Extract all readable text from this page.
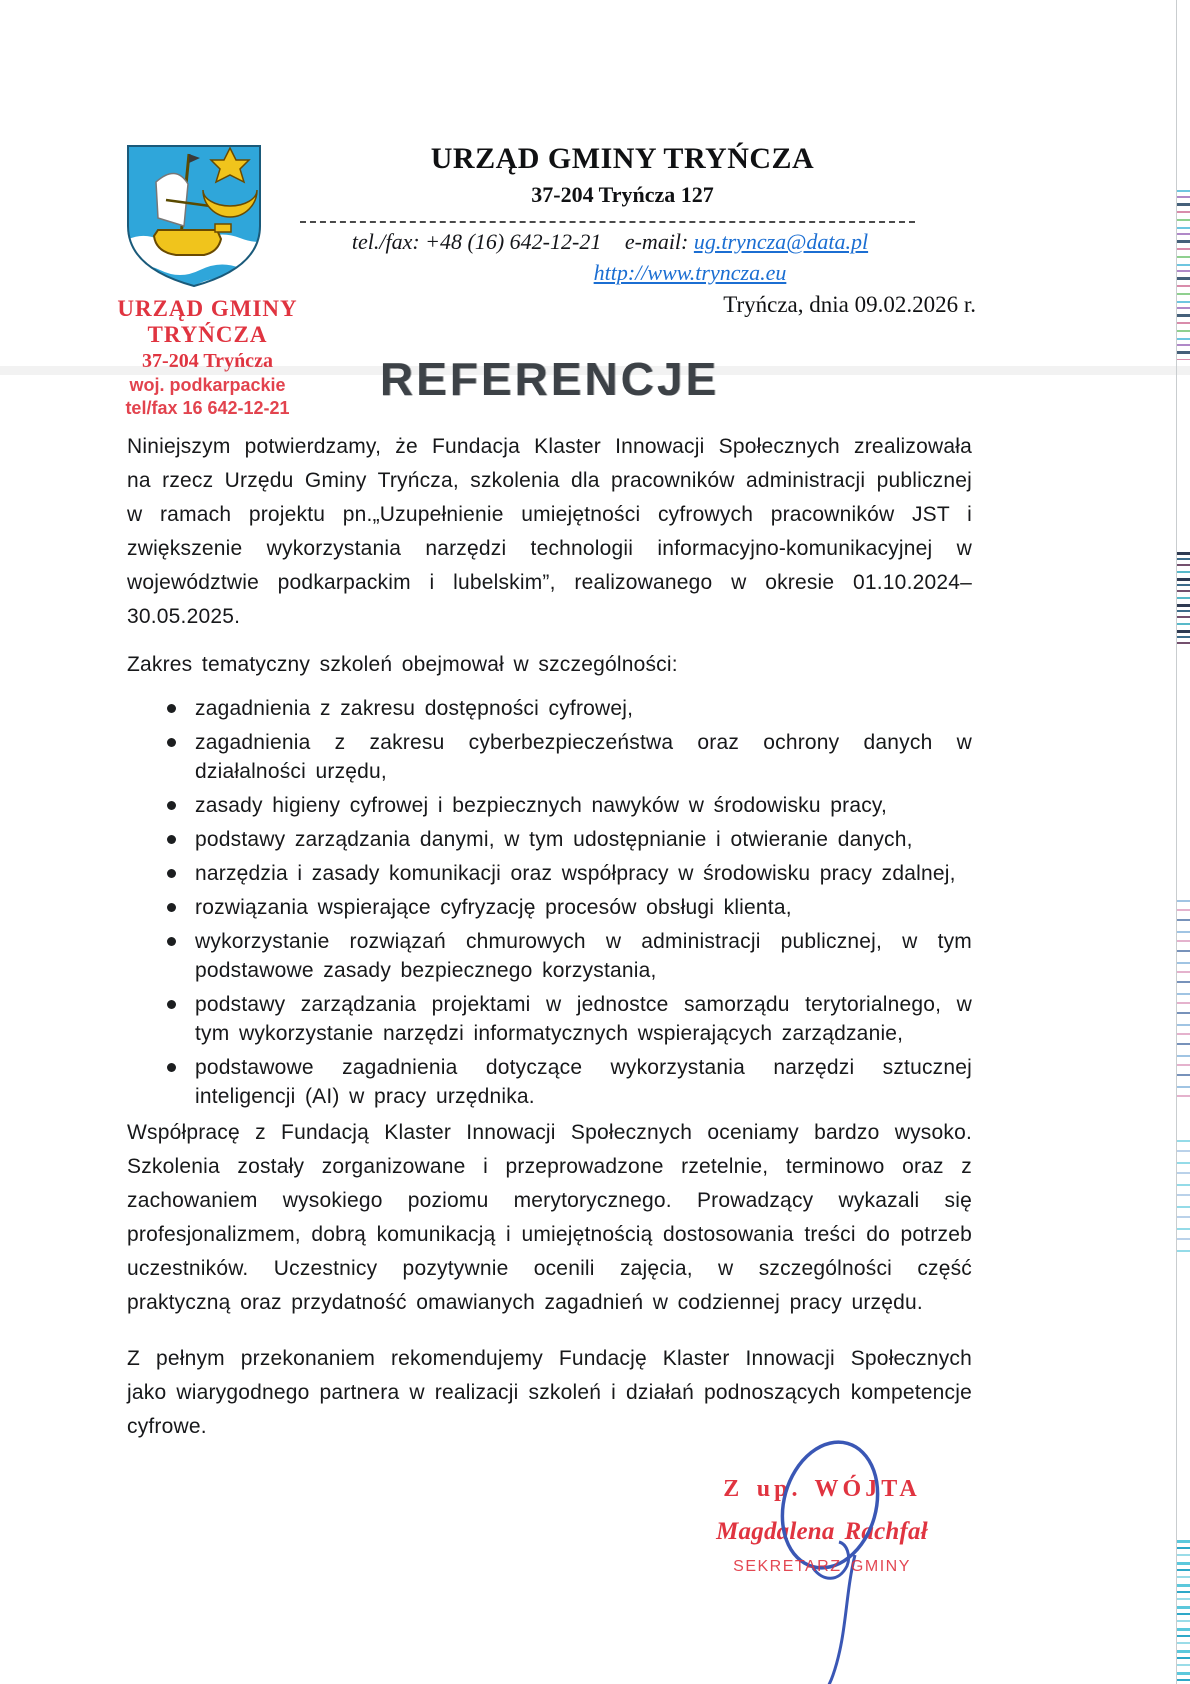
URZĄD GMINY TRYŃCZA
37-204 Tryńcza 127
tel./fax: +48 (16) 642-12-21 e-mail: ug.tryncza@data.pl
http://www.tryncza.eu
URZĄD GMINY TRYŃCZA
37-204 Tryńcza
woj. podkarpackie
tel/fax 16 642-12-21
Tryńcza, dnia 09.02.2026 r.
REFERENCJE

Niniejszym potwierdzamy, że Fundacja Klaster Innowacji Społecznych zrealizowała na rzecz Urzędu Gminy Tryńcza, szkolenia dla pracowników administracji publicznej w ramach projektu pn.„Uzupełnienie umiejętności cyfrowych pracowników JST i zwiększenie wykorzystania narzędzi technologii informacyjno-komunikacyjnej w województwie podkarpackim i lubelskim”, realizowanego w okresie 01.10.2024–30.05.2025.

Zakres tematyczny szkoleń obejmował w szczególności:

zagadnienia z zakresu dostępności cyfrowej,
zagadnienia z zakresu cyberbezpieczeństwa oraz ochrony danych w działalności urzędu,
zasady higieny cyfrowej i bezpiecznych nawyków w środowisku pracy,
podstawy zarządzania danymi, w tym udostępnianie i otwieranie danych,
narzędzia i zasady komunikacji oraz współpracy w środowisku pracy zdalnej,
rozwiązania wspierające cyfryzację procesów obsługi klienta,
wykorzystanie rozwiązań chmurowych w administracji publicznej, w tym podstawowe zasady bezpiecznego korzystania,
podstawy zarządzania projektami w jednostce samorządu terytorialnego, w tym wykorzystanie narzędzi informatycznych wspierających zarządzanie,
podstawowe zagadnienia dotyczące wykorzystania narzędzi sztucznej inteligencji (AI) w pracy urzędnika.

Współpracę z Fundacją Klaster Innowacji Społecznych oceniamy bardzo wysoko. Szkolenia zostały zorganizowane i przeprowadzone rzetelnie, terminowo oraz z zachowaniem wysokiego poziomu merytorycznego. Prowadzący wykazali się profesjonalizmem, dobrą komunikacją i umiejętnością dostosowania treści do potrzeb uczestników. Uczestnicy pozytywnie ocenili zajęcia, w szczególności część praktyczną oraz przydatność omawianych zagadnień w codziennej pracy urzędu.

Z pełnym przekonaniem rekomendujemy Fundację Klaster Innowacji Społecznych jako wiarygodnego partnera w realizacji szkoleń i działań podnoszących kompetencje cyfrowe.

Z up. WÓJTA
Magdalena Rachfał
SEKRETARZ GMINY
